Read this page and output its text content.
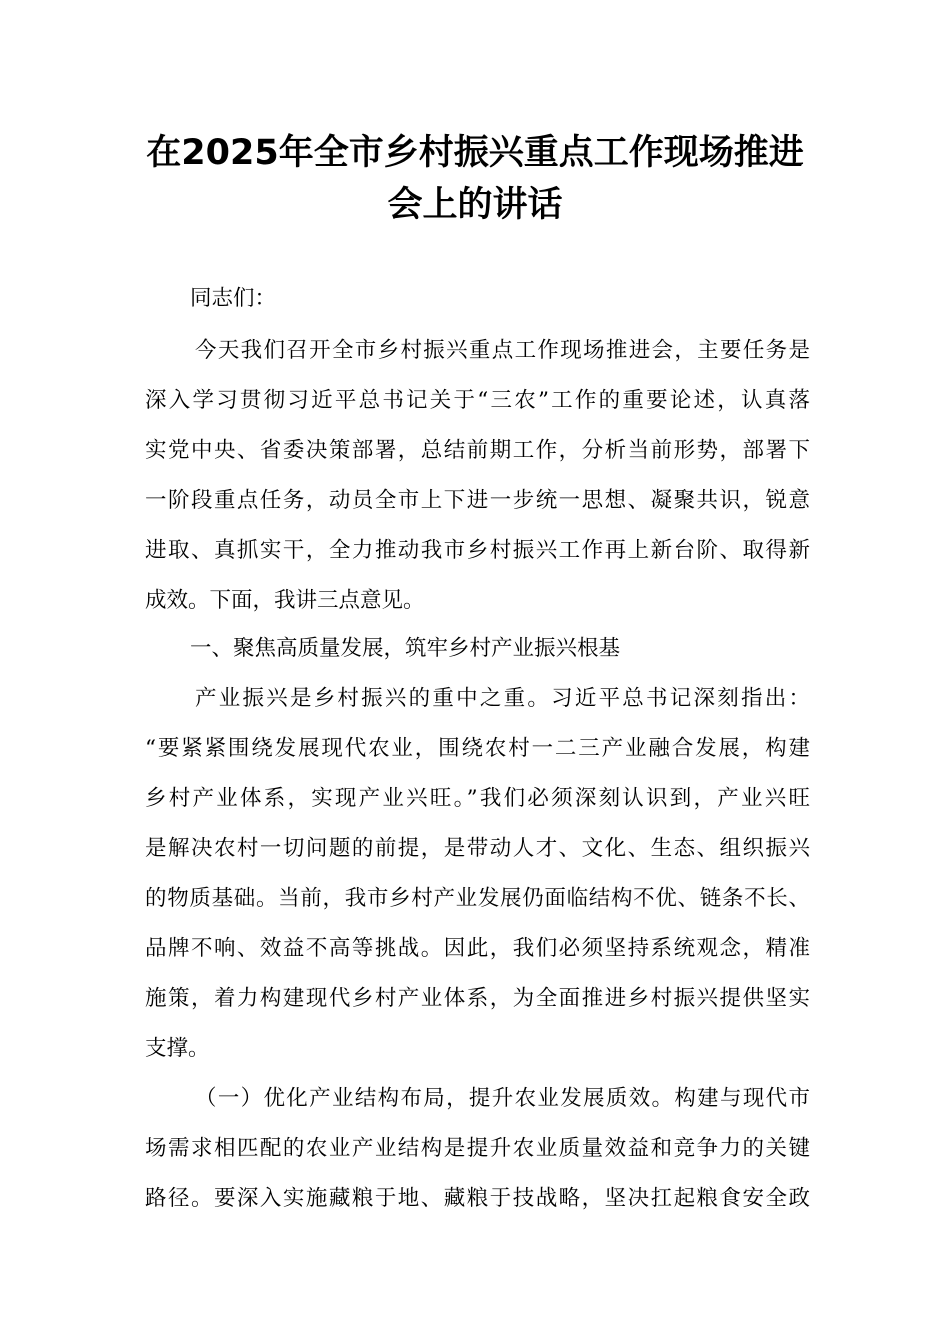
在2025年全市乡村振兴重点工作现场推进
会上的讲话

同志们：

今天我们召开全市乡村振兴重点工作现场推进会，主要任务是

深入学习贯彻习近平总书记关于“三农”工作的重要论述，认真落

实党中央、省委决策部署，总结前期工作，分析当前形势，部署下

一阶段重点任务，动员全市上下进一步统一思想、凝聚共识，锐意

进取、真抓实干，全力推动我市乡村振兴工作再上新台阶、取得新

成效。下面，我讲三点意见。

一、聚焦高质量发展，筑牢乡村产业振兴根基

产业振兴是乡村振兴的重中之重。习近平总书记深刻指出：

“要紧紧围绕发展现代农业，围绕农村一二三产业融合发展，构建

乡村产业体系，实现产业兴旺。”我们必须深刻认识到，产业兴旺

是解决农村一切问题的前提，是带动人才、文化、生态、组织振兴

的物质基础。当前，我市乡村产业发展仍面临结构不优、链条不长、

品牌不响、效益不高等挑战。因此，我们必须坚持系统观念，精准

施策，着力构建现代乡村产业体系，为全面推进乡村振兴提供坚实

支撑。

（一）优化产业结构布局，提升农业发展质效。构建与现代市

场需求相匹配的农业产业结构是提升农业质量效益和竞争力的关键

路径。要深入实施藏粮于地、藏粮于技战略，坚决扛起粮食安全政
